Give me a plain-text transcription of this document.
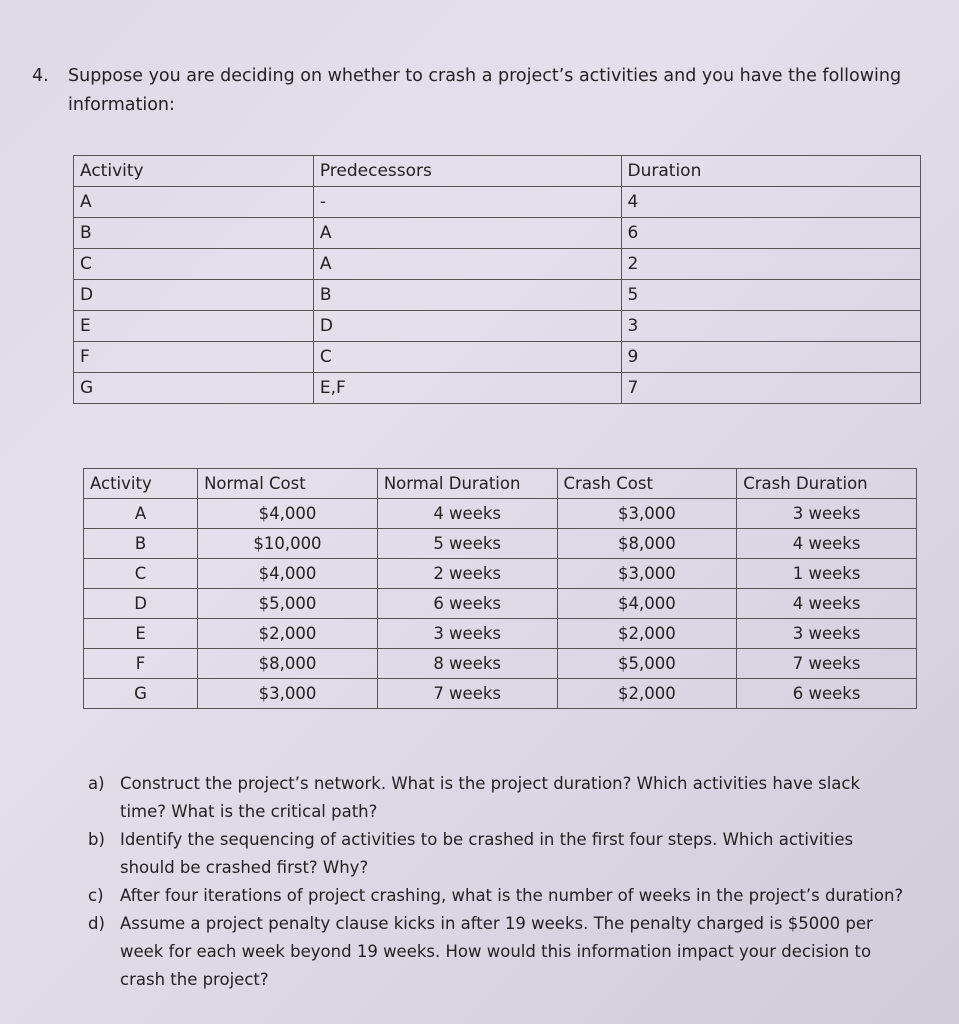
4. Suppose you are deciding on whether to crash a project’s activities and you have the following information:
Activity	Predecessors	Duration
A	-	4
B	A	6
C	A	2
D	B	5
E	D	3
F	C	9
G	E,F	7
Activity	Normal Cost	Normal Duration	Crash Cost	Crash Duration
A	$4,000	4 weeks	$3,000	3 weeks
B	$10,000	5 weeks	$8,000	4 weeks
C	$4,000	2 weeks	$3,000	1 weeks
D	$5,000	6 weeks	$4,000	4 weeks
E	$2,000	3 weeks	$2,000	3 weeks
F	$8,000	8 weeks	$5,000	7 weeks
G	$3,000	7 weeks	$2,000	6 weeks
a) Construct the project’s network. What is the project duration? Which activities have slack time? What is the critical path?
b) Identify the sequencing of activities to be crashed in the first four steps. Which activities should be crashed first? Why?
c) After four iterations of project crashing, what is the number of weeks in the project’s duration?
d) Assume a project penalty clause kicks in after 19 weeks. The penalty charged is $5000 per week for each week beyond 19 weeks. How would this information impact your decision to crash the project?
